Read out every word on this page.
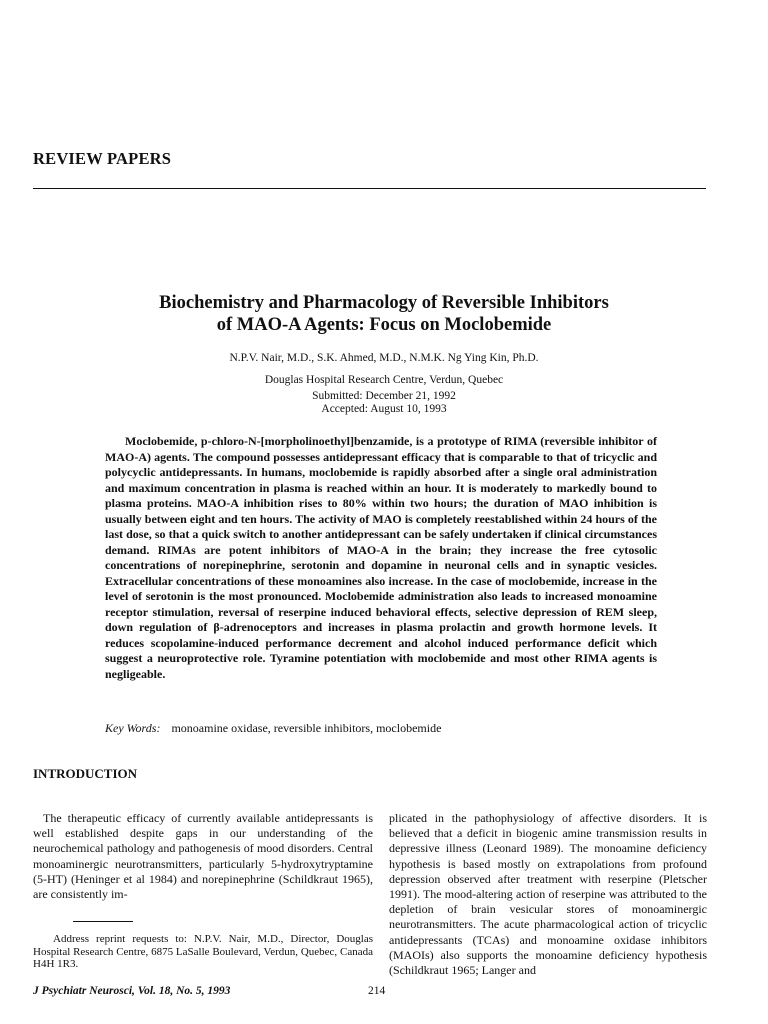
REVIEW PAPERS
Biochemistry and Pharmacology of Reversible Inhibitors
of MAO-A Agents: Focus on Moclobemide
N.P.V. Nair, M.D., S.K. Ahmed, M.D., N.M.K. Ng Ying Kin, Ph.D.
Douglas Hospital Research Centre, Verdun, Quebec
Submitted: December 21, 1992
Accepted: August 10, 1993

Moclobemide, p-chloro-N-[morpholinoethyl]benzamide, is a prototype of RIMA (reversible inhibitor of MAO-A) agents. The compound possesses antidepressant efficacy that is comparable to that of tricyclic and polycyclic antidepressants. In humans, moclobemide is rapidly absorbed after a single oral administration and maximum concentration in plasma is reached within an hour. It is moderately to markedly bound to plasma proteins. MAO-A inhibition rises to 80% within two hours; the duration of MAO inhibition is usually between eight and ten hours. The activity of MAO is completely reestablished within 24 hours of the last dose, so that a quick switch to another antidepressant can be safely undertaken if clinical circumstances demand. RIMAs are potent inhibitors of MAO-A in the brain; they increase the free cytosolic concentrations of norepinephrine, serotonin and dopamine in neuronal cells and in synaptic vesicles. Extracellular concentrations of these monoamines also increase. In the case of moclobemide, increase in the level of serotonin is the most pronounced. Moclobemide administration also leads to increased monoamine receptor stimulation, reversal of reserpine induced behavioral effects, selective depression of REM sleep, down regulation of β-adrenoceptors and increases in plasma prolactin and growth hormone levels. It reduces scopolamine-induced performance decrement and alcohol induced performance deficit which suggest a neuroprotective role. Tyramine potentiation with moclobemide and most other RIMA agents is negligeable.

Key Words: monoamine oxidase, reversible inhibitors, moclobemide
INTRODUCTION

The therapeutic efficacy of currently available antidepressants is well established despite gaps in our understanding of the neurochemical pathology and pathogenesis of mood disorders. Central monoaminergic neurotransmitters, particularly 5-hydroxytryptamine (5-HT) (Heninger et al 1984) and norepinephrine (Schildkraut 1965), are consistently im-

plicated in the pathophysiology of affective disorders. It is believed that a deficit in biogenic amine transmission results in depressive illness (Leonard 1989). The monoamine deficiency hypothesis is based mostly on extrapolations from profound depression observed after treatment with reserpine (Pletscher 1991). The mood-altering action of reserpine was attributed to the depletion of brain vesicular stores of monoaminergic neurotransmitters. The acute pharmacological action of tricyclic antidepressants (TCAs) and monoamine oxidase inhibitors (MAOIs) also supports the monoamine deficiency hypothesis (Schildkraut 1965; Langer and

Address reprint requests to: N.P.V. Nair, M.D., Director, Douglas Hospital Research Centre, 6875 LaSalle Boulevard, Verdun, Quebec, Canada H4H 1R3.

J Psychiatr Neurosci, Vol. 18, No. 5, 1993	214
